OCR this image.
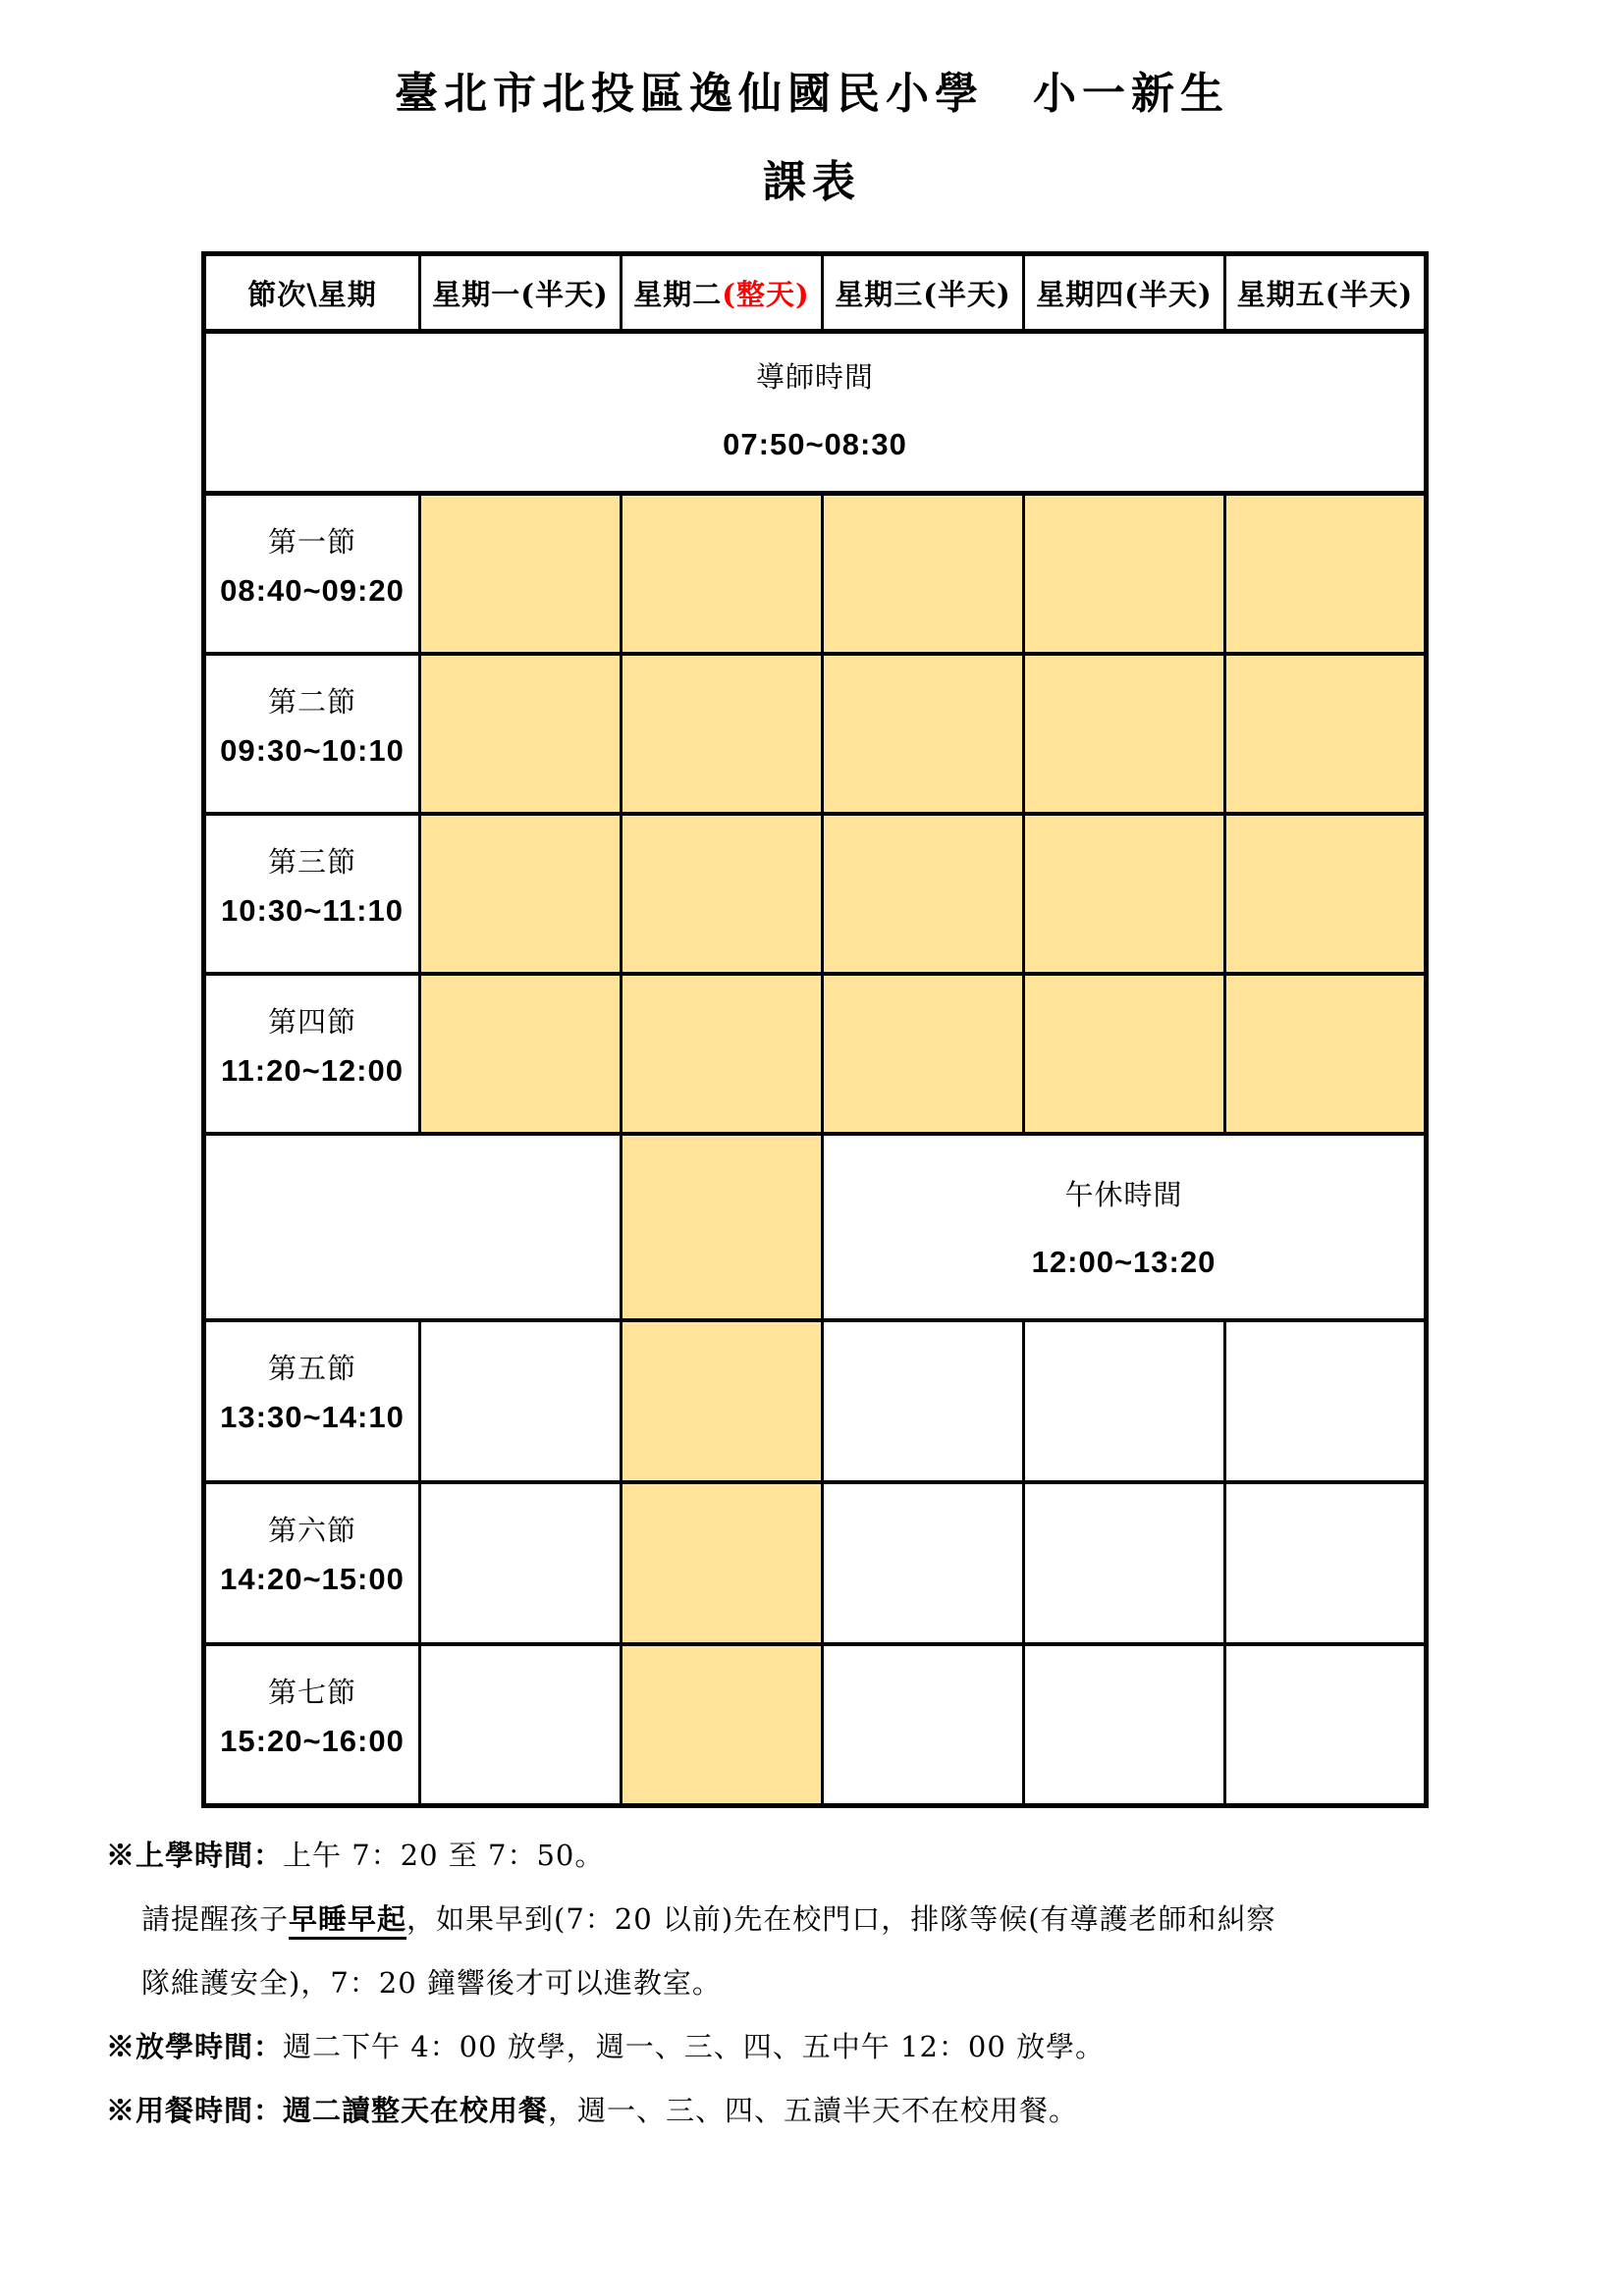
臺北市北投區逸仙國民小學　小一新生
課表
節次\星期	星期一(半天)	星期二(整天)	星期三(半天)	星期四(半天)	星期五(半天)

導師時間
07:50~08:30					

第一節
08:40~09:20					

第二節
09:30~10:10					

第三節
10:30~11:10					

第四節
11:20~12:00					

			午休時間
12:00~13:20		

第五節
13:30~14:10					

第六節
14:20~15:00					

第七節
15:20~16:00					

※上學時間：上午 7：20 至 7：50。
請提醒孩子早睡早起，如果早到(7：20 以前)先在校門口，排隊等候(有導護老師和糾察
隊維護安全)，7：20 鐘響後才可以進教室。
※放學時間：週二下午 4：00 放學，週一、三、四、五中午 12：00 放學。
※用餐時間：週二讀整天在校用餐，週一、三、四、五讀半天不在校用餐。
